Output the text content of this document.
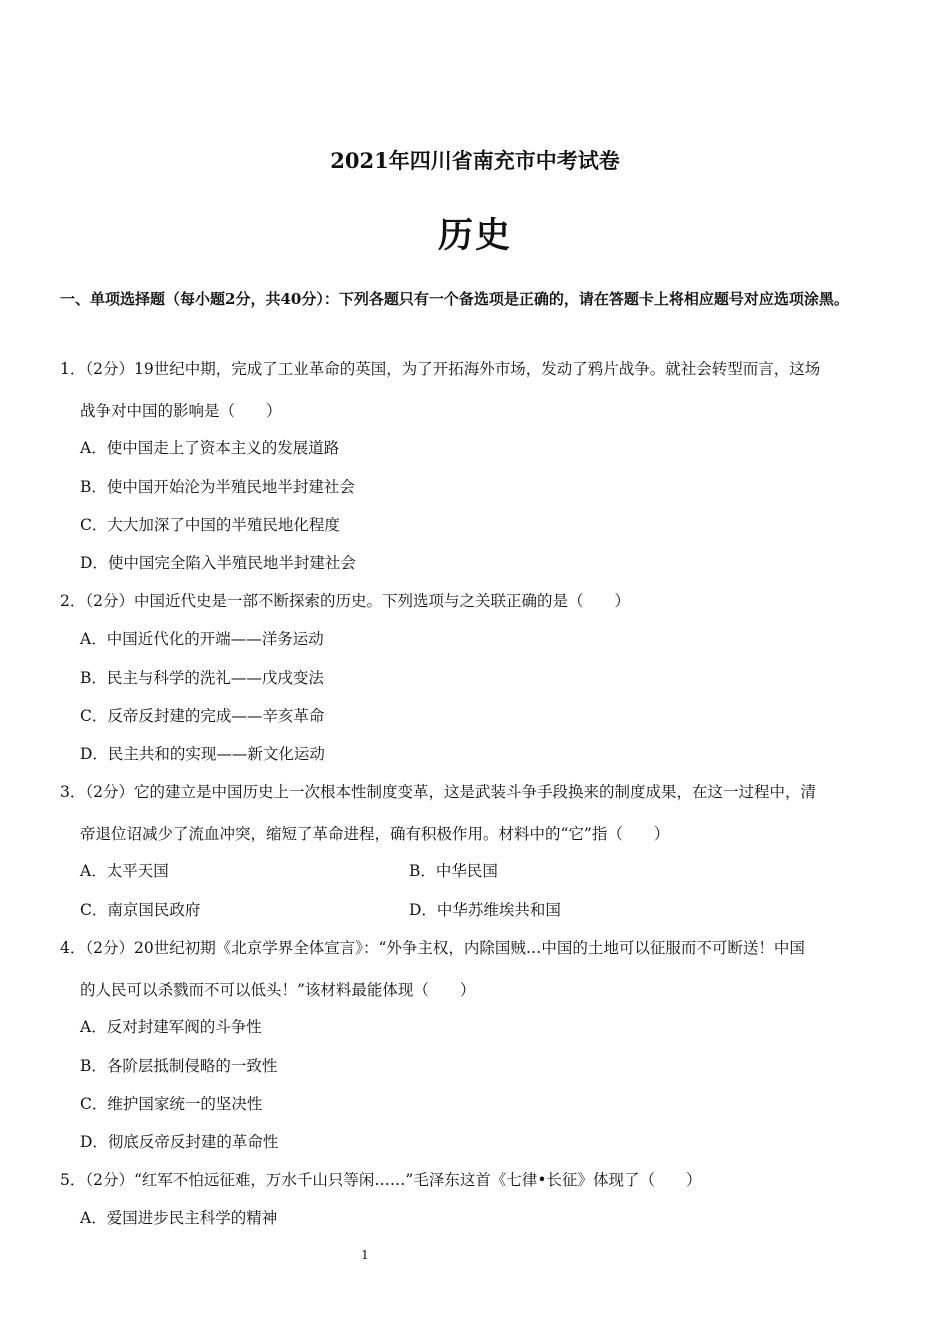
2021年四川省南充市中考试卷
历史
一、单项选择题（每小题2分，共40分）：下列各题只有一个备选项是正确的，请在答题卡上将相应题号对应选项涂黑。
1．（2分）19世纪中期，完成了工业革命的英国，为了开拓海外市场，发动了鸦片战争。就社会转型而言，这场
战争对中国的影响是（　　）
A．使中国走上了资本主义的发展道路
B．使中国开始沦为半殖民地半封建社会
C．大大加深了中国的半殖民地化程度
D．使中国完全陷入半殖民地半封建社会
2．（2分）中国近代史是一部不断探索的历史。下列选项与之关联正确的是（　　）
A．中国近代化的开端——洋务运动
B．民主与科学的洗礼——戊戌变法
C．反帝反封建的完成——辛亥革命
D．民主共和的实现——新文化运动
3．（2分）它的建立是中国历史上一次根本性制度变革，这是武装斗争手段换来的制度成果，在这一过程中，清
帝退位诏减少了流血冲突，缩短了革命进程，确有积极作用。材料中的“它”指（　　）
A．太平天国	B．中华民国
C．南京国民政府	D．中华苏维埃共和国
4．（2分）20世纪初期《北京学界全体宣言》：“外争主权，内除国贼…中国的土地可以征服而不可断送！中国
的人民可以杀戮而不可以低头！”该材料最能体现（　　）
A．反对封建军阀的斗争性
B．各阶层抵制侵略的一致性
C．维护国家统一的坚决性
D．彻底反帝反封建的革命性
5．（2分）“红军不怕远征难，万水千山只等闲……”毛泽东这首《七律•长征》体现了（　　）
A．爱国进步民主科学的精神
1
